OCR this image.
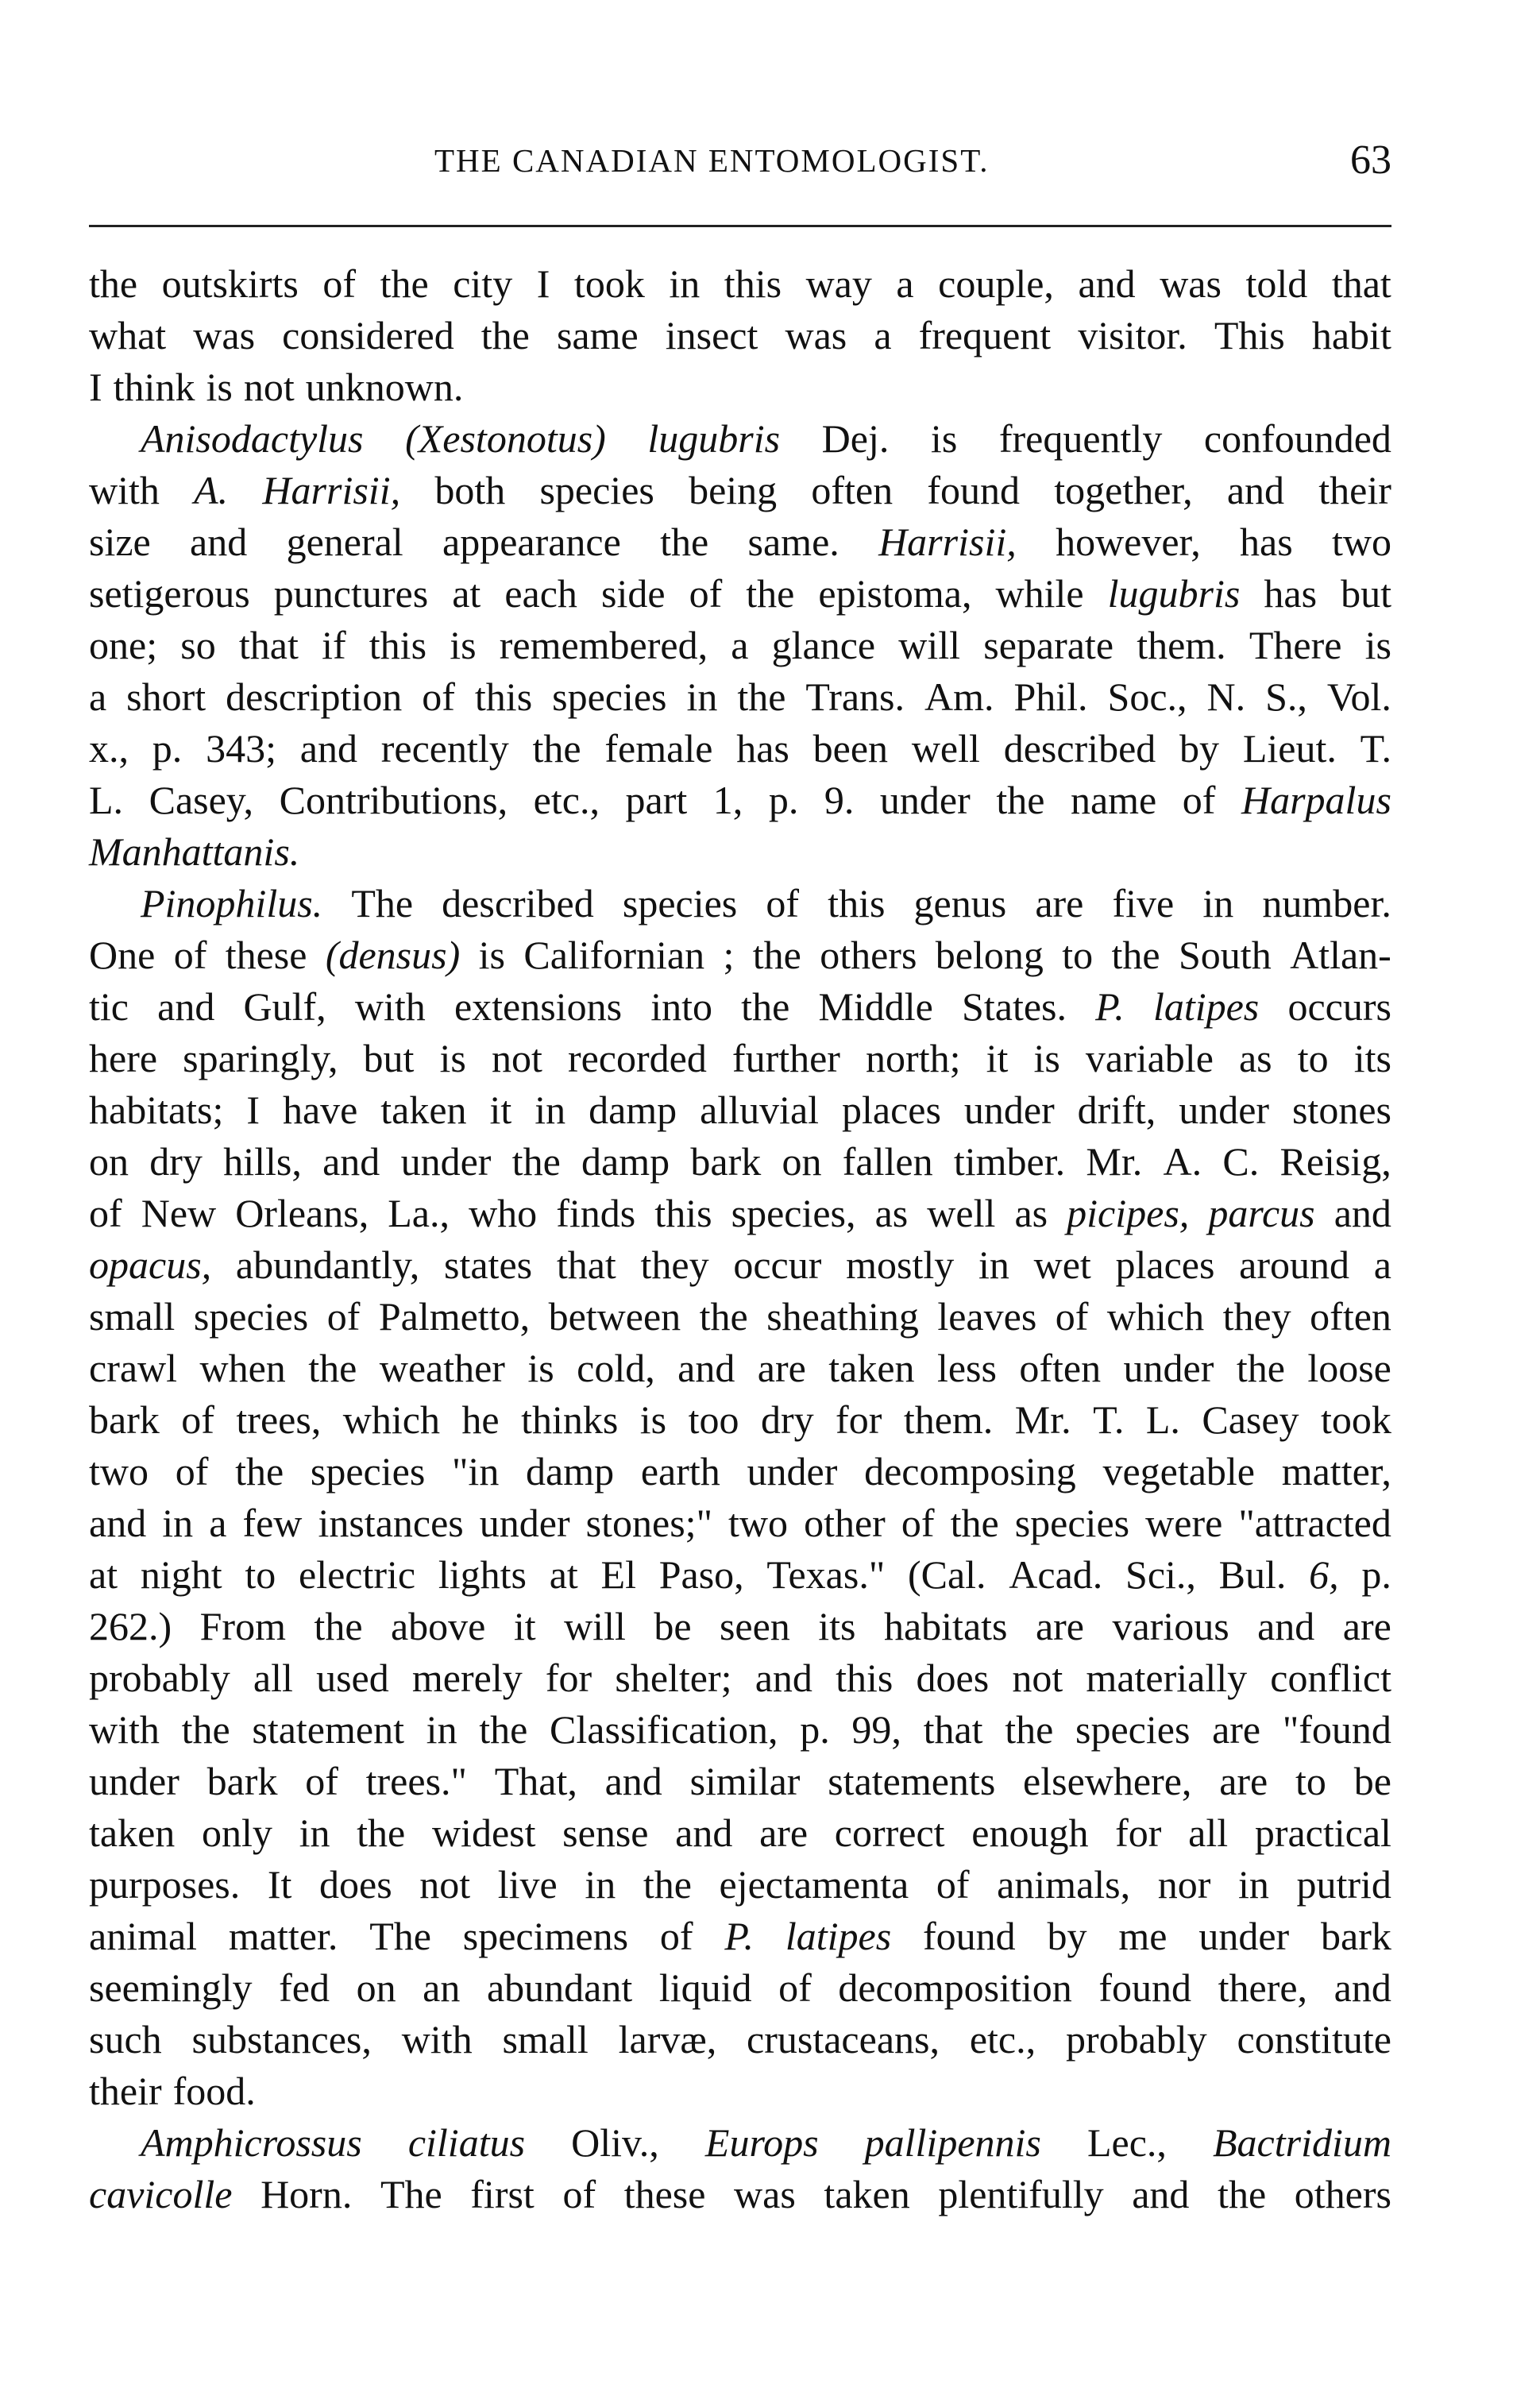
THE CANADIAN ENTOMOLOGIST.	63
the outskirts of the city I took in this way a couple, and was told that
what was considered the same insect was a frequent visitor. This habit
I think is not unknown.
Anisodactylus (Xestonotus) lugubris Dej. is frequently confounded
with A. Harrisii, both species being often found together, and their
size and general appearance the same. Harrisii, however, has two
setigerous punctures at each side of the epistoma, while lugubris has but
one; so that if this is remembered, a glance will separate them. There is
a short description of this species in the Trans. Am. Phil. Soc., N. S., Vol.
x., p. 343; and recently the female has been well described by Lieut. T.
L. Casey, Contributions, etc., part 1, p. 9. under the name of Harpalus
Manhattanis.
Pinophilus. The described species of this genus are five in number.
One of these (densus) is Californian ; the others belong to the South Atlan-
tic and Gulf, with extensions into the Middle States. P. latipes occurs
here sparingly, but is not recorded further north; it is variable as to its
habitats; I have taken it in damp alluvial places under drift, under stones
on dry hills, and under the damp bark on fallen timber. Mr. A. C. Reisig,
of New Orleans, La., who finds this species, as well as picipes, parcus and
opacus, abundantly, states that they occur mostly in wet places around a
small species of Palmetto, between the sheathing leaves of which they often
crawl when the weather is cold, and are taken less often under the loose
bark of trees, which he thinks is too dry for them. Mr. T. L. Casey took
two of the species "in damp earth under decomposing vegetable matter,
and in a few instances under stones;" two other of the species were "attracted
at night to electric lights at El Paso, Texas." (Cal. Acad. Sci., Bul. 6, p.
262.) From the above it will be seen its habitats are various and are
probably all used merely for shelter; and this does not materially conflict
with the statement in the Classification, p. 99, that the species are "found
under bark of trees." That, and similar statements elsewhere, are to be
taken only in the widest sense and are correct enough for all practical
purposes. It does not live in the ejectamenta of animals, nor in putrid
animal matter. The specimens of P. latipes found by me under bark
seemingly fed on an abundant liquid of decomposition found there, and
such substances, with small larvæ, crustaceans, etc., probably constitute
their food.
Amphicrossus ciliatus Oliv., Europs pallipennis Lec., Bactridium
cavicolle Horn. The first of these was taken plentifully and the others
